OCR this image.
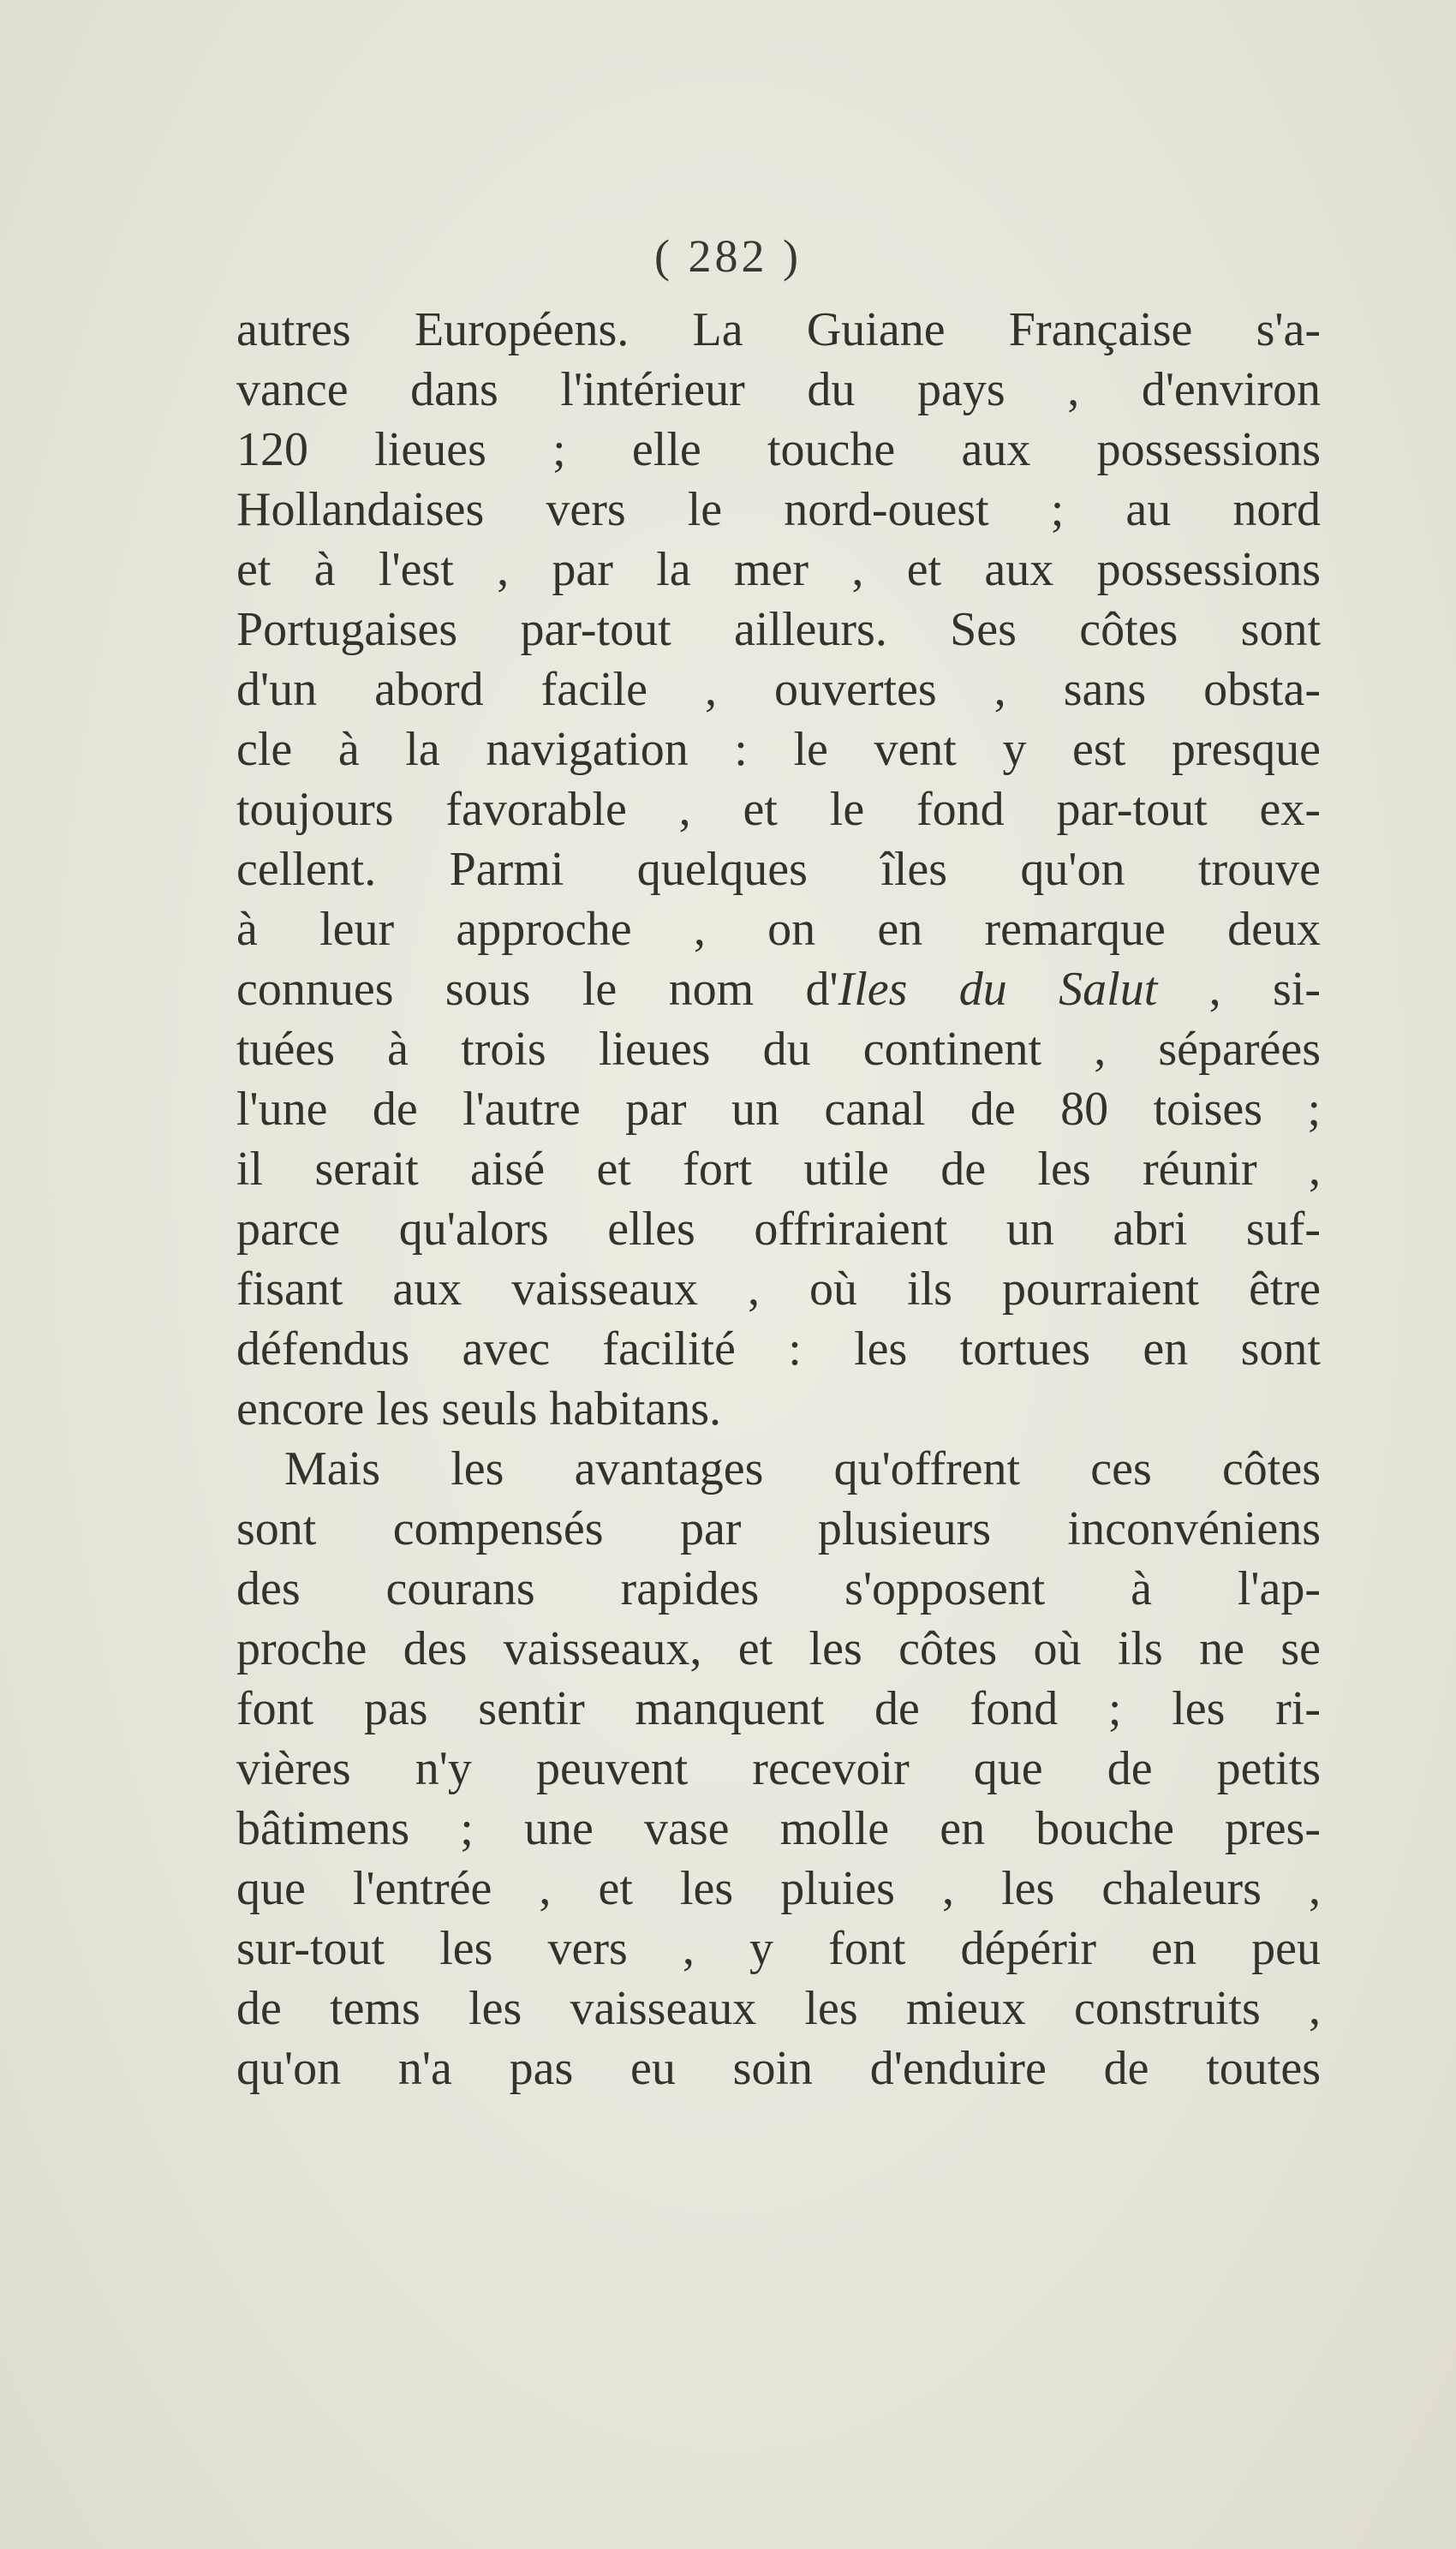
( 282 )
autres Européens. La Guiane Française s'a-
vance dans l'intérieur du pays , d'environ
120 lieues ; elle touche aux possessions
Hollandaises vers le nord-ouest ; au nord
et à l'est , par la mer , et aux possessions
Portugaises par-tout ailleurs. Ses côtes sont
d'un abord facile , ouvertes , sans obsta-
cle à la navigation : le vent y est presque
toujours favorable , et le fond par-tout ex-
cellent. Parmi quelques îles qu'on trouve
à leur approche , on en remarque deux
connues sous le nom d'Iles du Salut , si-
tuées à trois lieues du continent , séparées
l'une de l'autre par un canal de 80 toises ;
il serait aisé et fort utile de les réunir ,
parce qu'alors elles offriraient un abri suf-
fisant aux vaisseaux , où ils pourraient être
défendus avec facilité : les tortues en sont
encore les seuls habitans.
Mais les avantages qu'offrent ces côtes
sont compensés par plusieurs inconvéniens
des courans rapides s'opposent à l'ap-
proche des vaisseaux, et les côtes où ils ne se
font pas sentir manquent de fond ; les ri-
vières n'y peuvent recevoir que de petits
bâtimens ; une vase molle en bouche pres-
que l'entrée , et les pluies , les chaleurs ,
sur-tout les vers , y font dépérir en peu
de tems les vaisseaux les mieux construits ,
qu'on n'a pas eu soin d'enduire de toutes
